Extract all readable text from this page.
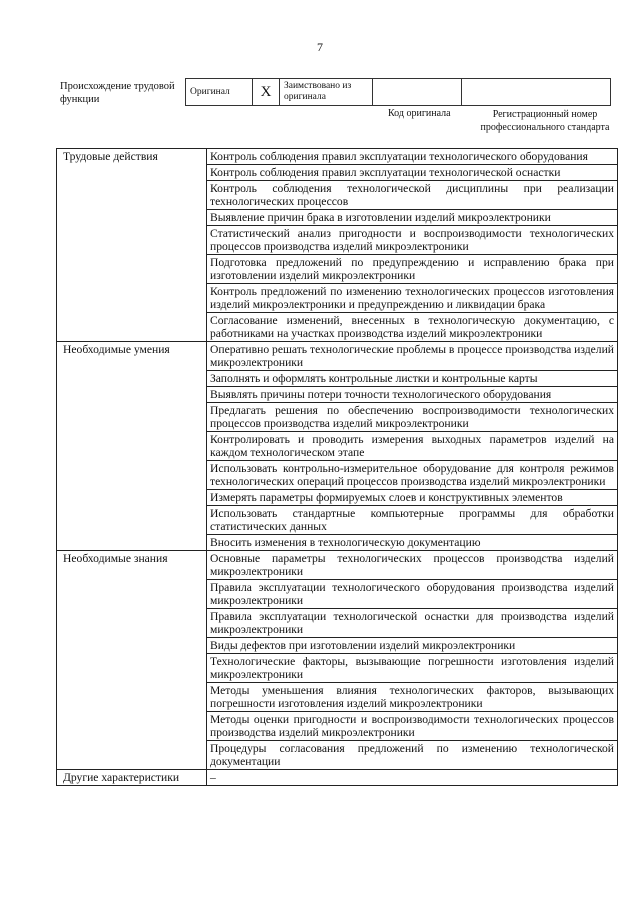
7
Происхождение трудовой функции
Оригинал	X	Заимствовано из оригинала		
Код оригинала	Регистрационный номер профессионального стандарта
Трудовые действия	Контроль соблюдения правил эксплуатации технологического оборудования
	Контроль соблюдения правил эксплуатации технологической оснастки
	Контроль соблюдения технологической дисциплины при реализации технологических процессов
	Выявление причин брака в изготовлении изделий микроэлектроники
	Статистический анализ пригодности и воспроизводимости технологических процессов производства изделий микроэлектроники
	Подготовка предложений по предупреждению и исправлению брака при изготовлении изделий микроэлектроники
	Контроль предложений по изменению технологических процессов изготовления изделий микроэлектроники и предупреждению и ликвидации брака
	Согласование изменений, внесенных в технологическую документацию, с работниками на участках производства изделий микроэлектроники
Необходимые умения	Оперативно решать технологические проблемы в процессе производства изделий микроэлектроники
	Заполнять и оформлять контрольные листки и контрольные карты
	Выявлять причины потери точности технологического оборудования
	Предлагать решения по обеспечению воспроизводимости технологических процессов производства изделий микроэлектроники
	Контролировать и проводить измерения выходных параметров изделий на каждом технологическом этапе
	Использовать контрольно-измерительное оборудование для контроля режимов технологических операций процессов производства изделий микроэлектроники
	Измерять параметры формируемых слоев и конструктивных элементов
	Использовать стандартные компьютерные программы для обработки статистических данных
	Вносить изменения в технологическую документацию
Необходимые знания	Основные параметры технологических процессов производства изделий микроэлектроники
	Правила эксплуатации технологического оборудования производства изделий микроэлектроники
	Правила эксплуатации технологической оснастки для производства изделий микроэлектроники
	Виды дефектов при изготовлении изделий микроэлектроники
	Технологические факторы, вызывающие погрешности изготовления изделий микроэлектроники
	Методы уменьшения влияния технологических факторов, вызывающих погрешности изготовления изделий микроэлектроники
	Методы оценки пригодности и воспроизводимости технологических процессов производства изделий микроэлектроники
	Процедуры согласования предложений по изменению технологической документации
Другие характеристики	–
